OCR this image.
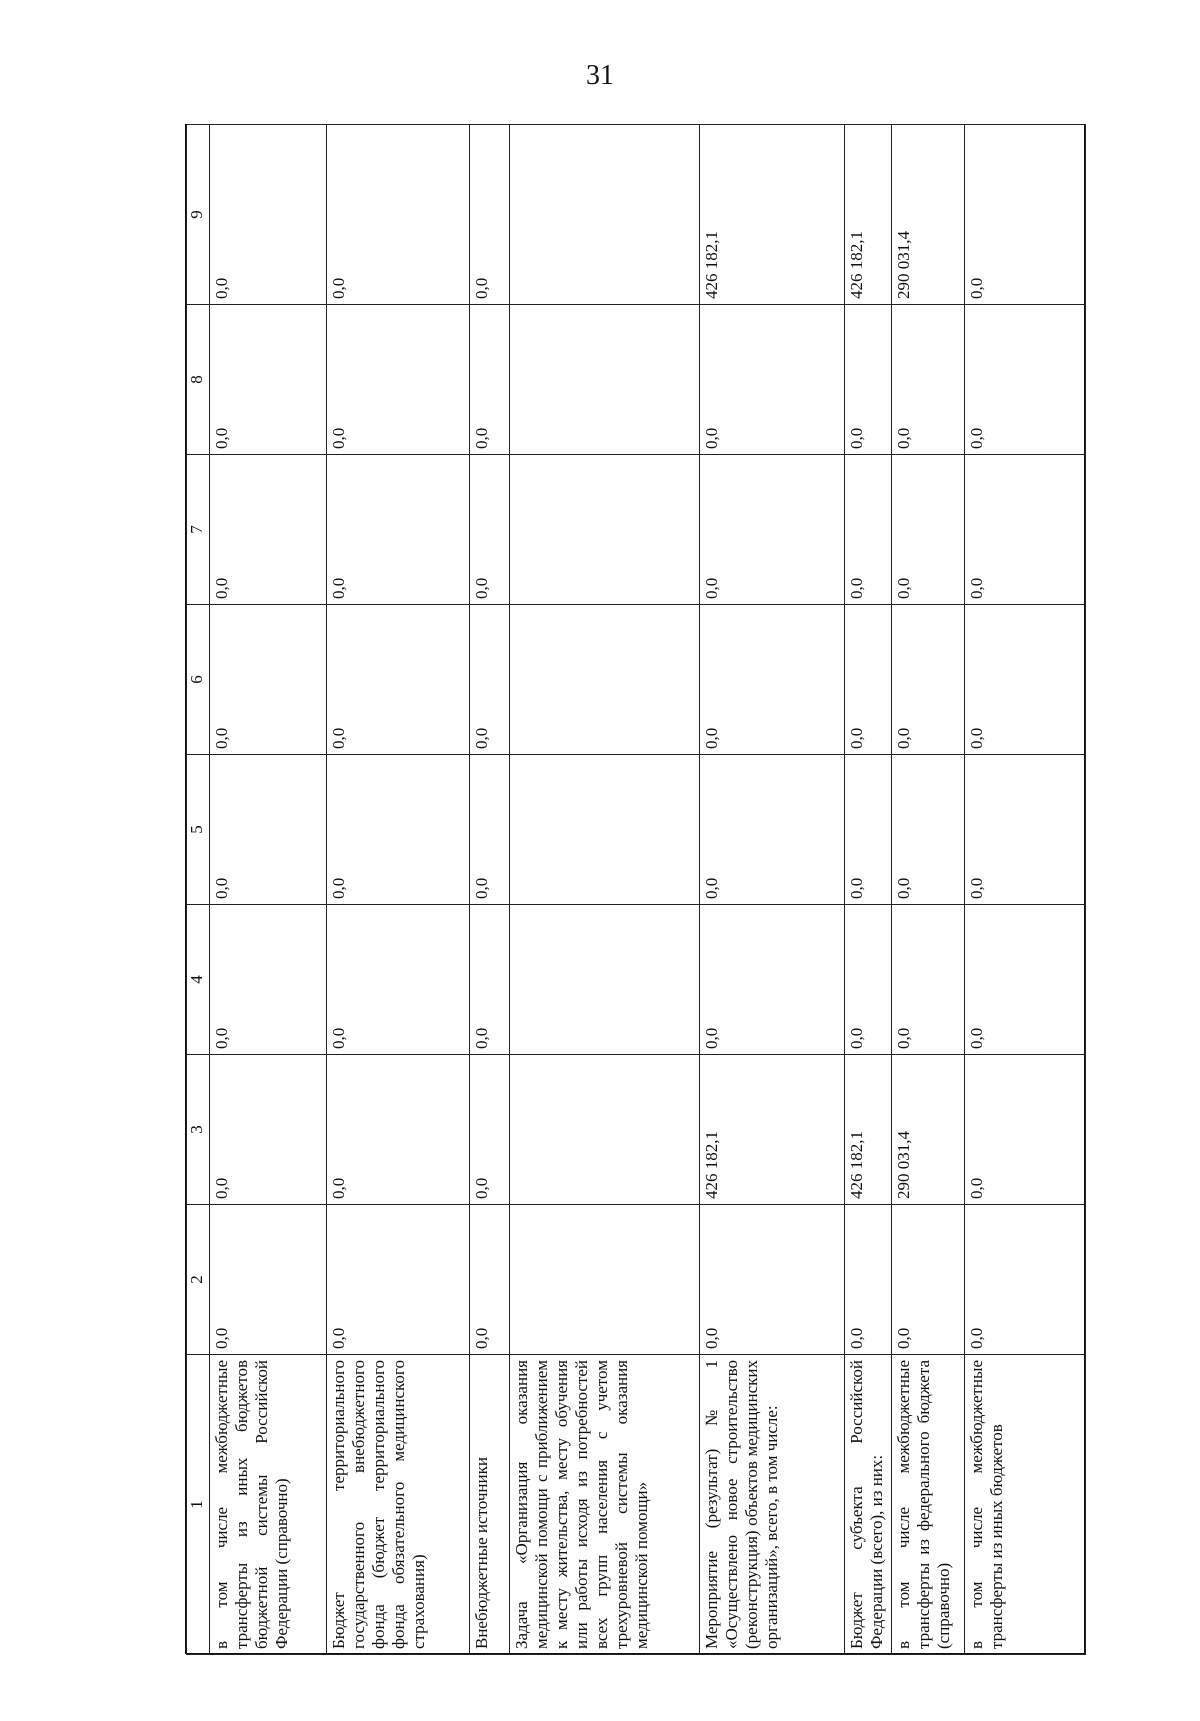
31
1	2	3	4	5	6	7	8	9
в том числе межбюджетные трансферты из иных бюджетов бюджетной системы Российской Федерации (справочно)	0,0	0,0	0,0	0,0	0,0	0,0	0,0	0,0
Бюджет территориального государственного внебюджетного фонда (бюджет территориального фонда обязательного медицинского страхования)	0,0	0,0	0,0	0,0	0,0	0,0	0,0	0,0
Внебюджетные источники	0,0	0,0	0,0	0,0	0,0	0,0	0,0	0,0
Задача «Организация оказания медицинской помощи с приближением к месту жительства, месту обучения или работы исходя из потребностей всех групп населения с учетом трехуровневой системы оказания медицинской помощи»								
Мероприятие (результат) № 1 «Осуществлено новое строительство (реконструкция) объектов медицинских организаций», всего, в том числе:	0,0	426 182,1	0,0	0,0	0,0	0,0	0,0	426 182,1
Бюджет субъекта Российской Федерации (всего), из них:	0,0	426 182,1	0,0	0,0	0,0	0,0	0,0	426 182,1
в том числе межбюджетные трансферты из федерального бюджета (справочно)	0,0	290 031,4	0,0	0,0	0,0	0,0	0,0	290 031,4
в том числе межбюджетные трансферты из иных бюджетов	0,0	0,0	0,0	0,0	0,0	0,0	0,0	0,0
